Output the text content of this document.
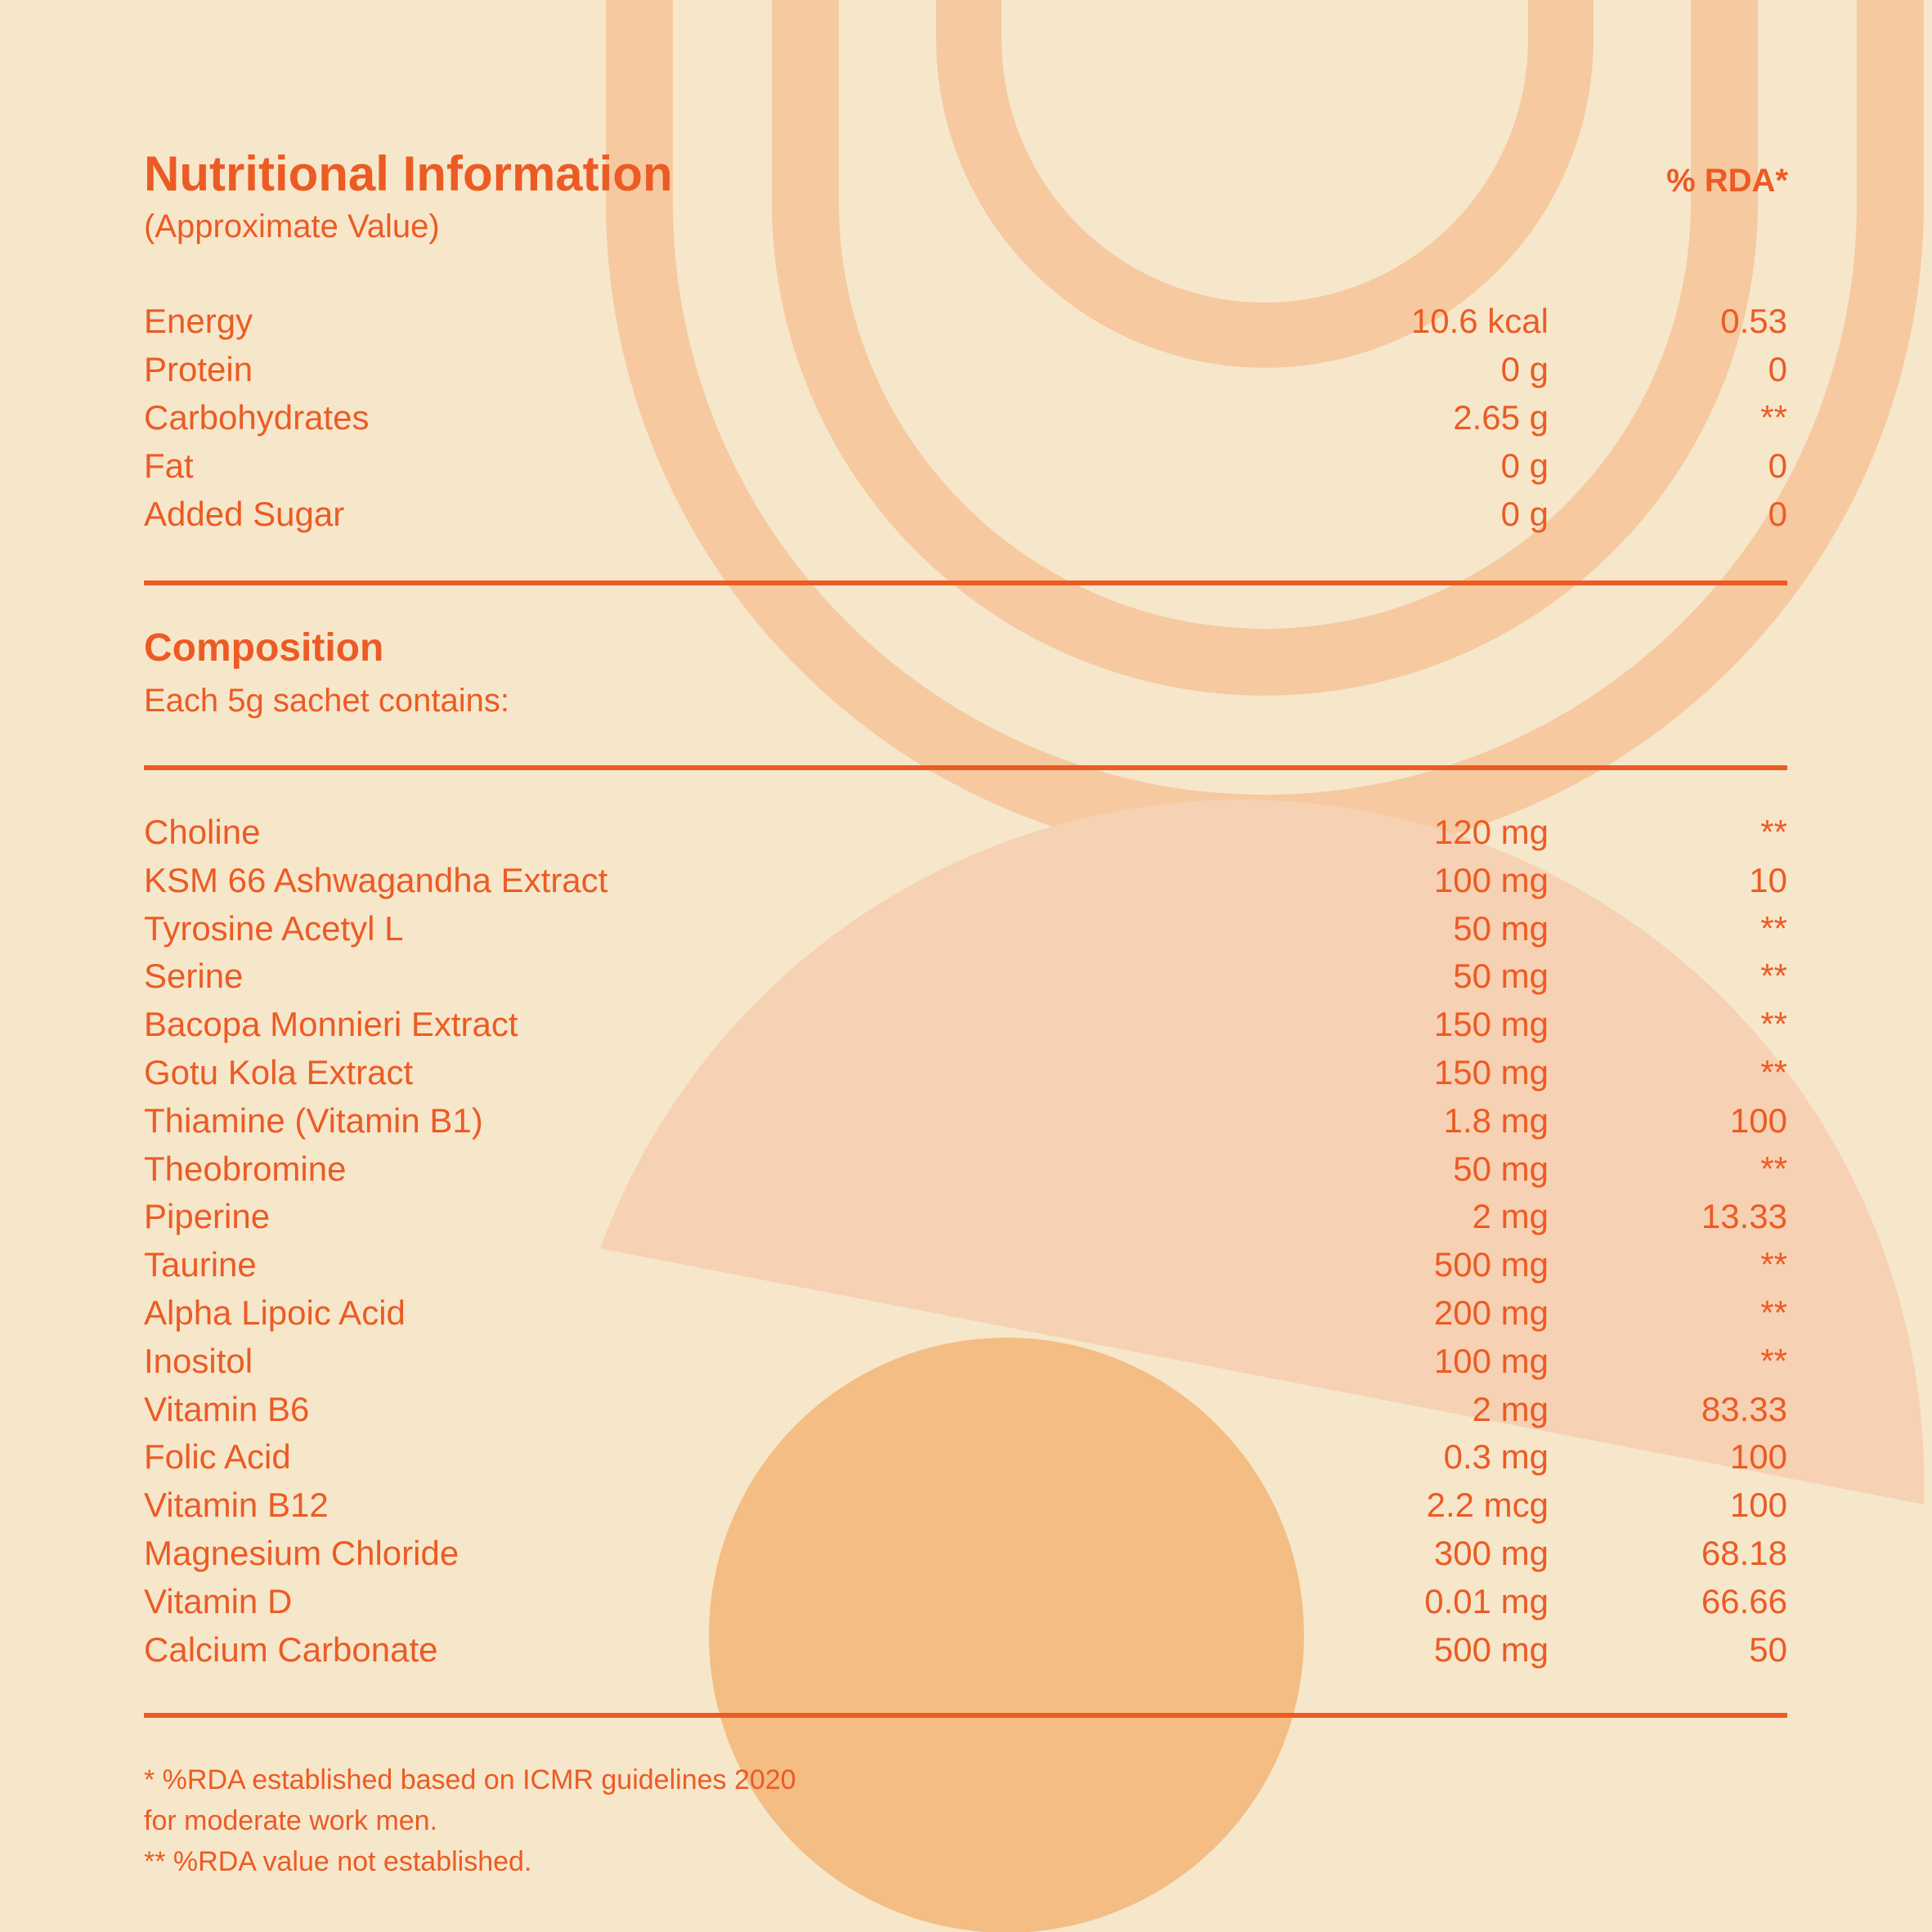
Nutritional Information
(Approximate Value)
% RDA*
Energy	10.6 kcal	0.53
Protein	0 g	0
Carbohydrates	2.65 g	**
Fat	0 g	0
Added Sugar	0 g	0
Composition
Each 5g sachet contains:
Choline	120 mg	**
KSM 66 Ashwagandha Extract	100 mg	10
Tyrosine Acetyl L	50 mg	**
Serine	50 mg	**
Bacopa Monnieri Extract	150 mg	**
Gotu Kola Extract	150 mg	**
Thiamine (Vitamin B1)	1.8 mg	100
Theobromine	50 mg	**
Piperine	2 mg	13.33
Taurine	500 mg	**
Alpha Lipoic Acid	200 mg	**
Inositol	100 mg	**
Vitamin B6	2 mg	83.33
Folic Acid	0.3 mg	100
Vitamin B12	2.2 mcg	100
Magnesium Chloride	300 mg	68.18
Vitamin D	0.01 mg	66.66
Calcium Carbonate	500 mg	50
* %RDA established based on ICMR guidelines 2020
for moderate work men.
** %RDA value not established.
